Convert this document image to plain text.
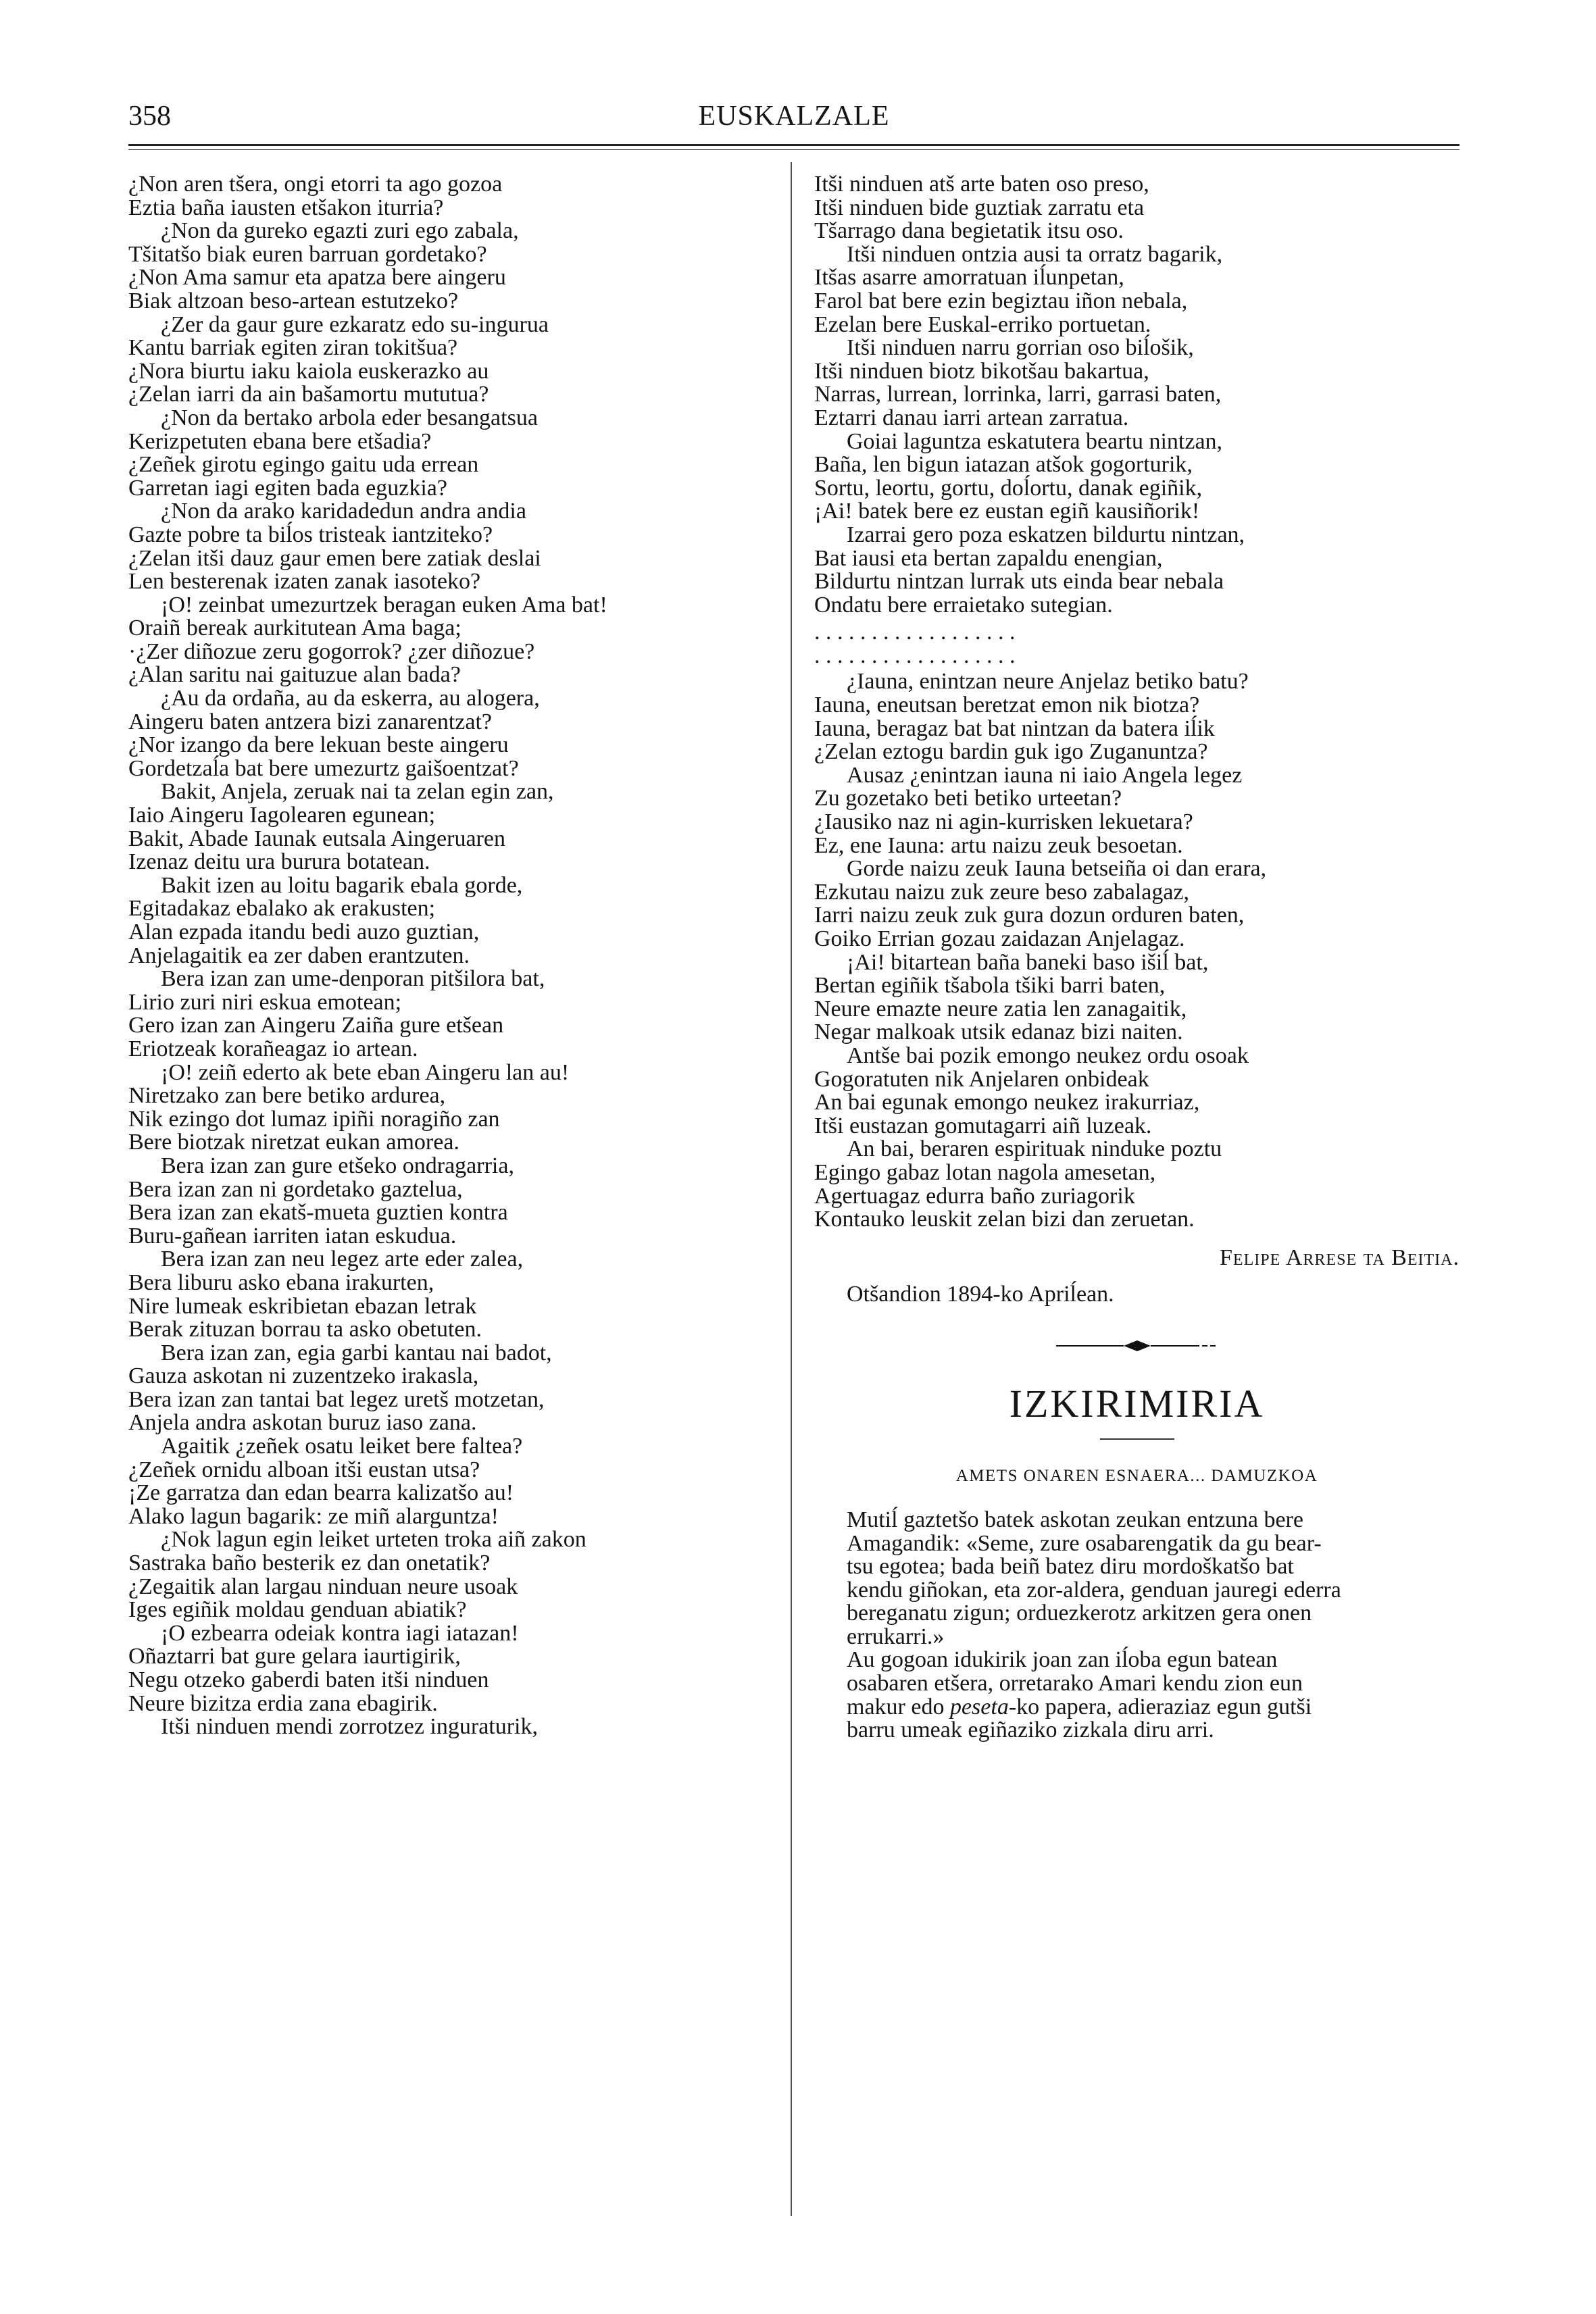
358	EUSKALZALE
¿Non aren tšera, ongi etorri ta ago gozoa
Eztia baña iausten etšakon iturria?
¿Non da gureko egazti zuri ego zabala,
Tšitatšo biak euren barruan gordetako?
¿Non Ama samur eta apatza bere aingeru
Biak altzoan beso-artean estutzeko?
¿Zer da gaur gure ezkaratz edo su-ingurua
Kantu barriak egiten ziran tokitšua?
¿Nora biurtu iaku kaiola euskerazko au
¿Zelan iarri da ain bašamortu mututua?
¿Non da bertako arbola eder besangatsua
Kerizpetuten ebana bere etšadia?
¿Zeñek girotu egingo gaitu uda errean
Garretan iagi egiten bada eguzkia?
¿Non da arako karidadedun andra andia
Gazte pobre ta biĺos tristeak iantziteko?
¿Zelan itši dauz gaur emen bere zatiak deslai
Len besterenak izaten zanak iasoteko?
¡O! zeinbat umezurtzek beragan euken Ama bat!
Oraiñ bereak aurkitutean Ama baga;
·¿Zer diñozue zeru gogorrok? ¿zer diñozue?
¿Alan saritu nai gaituzue alan bada?
¿Au da ordaña, au da eskerra, au alogera,
Aingeru baten antzera bizi zanarentzat?
¿Nor izango da bere lekuan beste aingeru
Gordetzaĺa bat bere umezurtz gaišoentzat?
Bakit, Anjela, zeruak nai ta zelan egin zan,
Iaio Aingeru Iagolearen egunean;
Bakit, Abade Iaunak eutsala Aingeruaren
Izenaz deitu ura burura botatean.
Bakit izen au loitu bagarik ebala gorde,
Egitadakaz ebalako ak erakusten;
Alan ezpada itandu bedi auzo guztian,
Anjelagaitik ea zer daben erantzuten.
Bera izan zan ume-denporan pitšilora bat,
Lirio zuri niri eskua emotean;
Gero izan zan Aingeru Zaiña gure etšean
Eriotzeak korañeagaz io artean.
¡O! zeiñ ederto ak bete eban Aingeru lan au!
Niretzako zan bere betiko ardurea,
Nik ezingo dot lumaz ipiñi noragiño zan
Bere biotzak niretzat eukan amorea.
Bera izan zan gure etšeko ondragarria,
Bera izan zan ni gordetako gaztelua,
Bera izan zan ekatš-mueta guztien kontra
Buru-gañean iarriten iatan eskudua.
Bera izan zan neu legez arte eder zalea,
Bera liburu asko ebana irakurten,
Nire lumeak eskribietan ebazan letrak
Berak zituzan borrau ta asko obetuten.
Bera izan zan, egia garbi kantau nai badot,
Gauza askotan ni zuzentzeko irakasla,
Bera izan zan tantai bat legez uretš motzetan,
Anjela andra askotan buruz iaso zana.
Agaitik ¿zeñek osatu leiket bere faltea?
¿Zeñek ornidu alboan itši eustan utsa?
¡Ze garratza dan edan bearra kalizatšo au!
Alako lagun bagarik: ze miñ alarguntza!
¿Nok lagun egin leiket urteten troka aiñ zakon
Sastraka baño besterik ez dan onetatik?
¿Zegaitik alan largau ninduan neure usoak
Iges egiñik moldau genduan abiatik?
¡O ezbearra odeiak kontra iagi iatazan!
Oñaztarri bat gure gelara iaurtigirik,
Negu otzeko gaberdi baten itši ninduen
Neure bizitza erdia zana ebagirik.
Itši ninduen mendi zorrotzez inguraturik,
Itši ninduen atš arte baten oso preso,
Itši ninduen bide guztiak zarratu eta
Tšarrago dana begietatik itsu oso.
Itši ninduen ontzia ausi ta orratz bagarik,
Itšas asarre amorratuan iĺunpetan,
Farol bat bere ezin begiztau iñon nebala,
Ezelan bere Euskal-erriko portuetan.
Itši ninduen narru gorrian oso biĺošik,
Itši ninduen biotz bikotšau bakartua,
Narras, lurrean, lorrinka, larri, garrasi baten,
Eztarri danau iarri artean zarratua.
Goiai laguntza eskatutera beartu nintzan,
Baña, len bigun iatazan atšok gogorturik,
Sortu, leortu, gortu, doĺortu, danak egiñik,
¡Ai! batek bere ez eustan egiñ kausiñorik!
Izarrai gero poza eskatzen bildurtu nintzan,
Bat iausi eta bertan zapaldu enengian,
Bildurtu nintzan lurrak uts einda bear nebala
Ondatu bere erraietako sutegian.
. . . . . . . . . . . . . . . . . .
. . . . . . . . . . . . . . . . . .
¿Iauna, enintzan neure Anjelaz betiko batu?
Iauna, eneutsan beretzat emon nik biotza?
Iauna, beragaz bat bat nintzan da batera iĺik
¿Zelan eztogu bardin guk igo Zuganuntza?
Ausaz ¿enintzan iauna ni iaio Angela legez
Zu gozetako beti betiko urteetan?
¿Iausiko naz ni agin-kurrisken lekuetara?
Ez, ene Iauna: artu naizu zeuk besoetan.
Gorde naizu zeuk Iauna betseiña oi dan erara,
Ezkutau naizu zuk zeure beso zabalagaz,
Iarri naizu zeuk zuk gura dozun orduren baten,
Goiko Errian gozau zaidazan Anjelagaz.
¡Ai! bitartean baña baneki baso išiĺ bat,
Bertan egiñik tšabola tšiki barri baten,
Neure emazte neure zatia len zanagaitik,
Negar malkoak utsik edanaz bizi naiten.
Antše bai pozik emongo neukez ordu osoak
Gogoratuten nik Anjelaren onbideak
An bai egunak emongo neukez irakurriaz,
Itši eustazan gomutagarri aiñ luzeak.
An bai, beraren espirituak ninduke poztu
Egingo gabaz lotan nagola amesetan,
Agertuagaz edurra baño zuriagorik
Kontauko leuskit zelan bizi dan zeruetan.
Felipe Arrese ta Beitia.
Otšandion 1894-ko Apriĺean.
IZKIRIMIRIA
AMETS ONAREN ESNAERA... DAMUZKOA

Mutiĺ gaztetšo batek askotan zeukan entzuna bere
Amagandik: «Seme, zure osabarengatik da gu bear-
tsu egotea; bada beiñ batez diru mordoškatšo bat
kendu giñokan, eta zor-aldera, genduan jauregi ederra
bereganatu zigun; orduezkerotz arkitzen gera onen
errukarri.»

Au gogoan idukirik joan zan iĺoba egun batean
osabaren etšera, orretarako Amari kendu zion eun
makur edo peseta-ko papera, adieraziaz egun gutši
barru umeak egiñaziko zizkala diru arri.
